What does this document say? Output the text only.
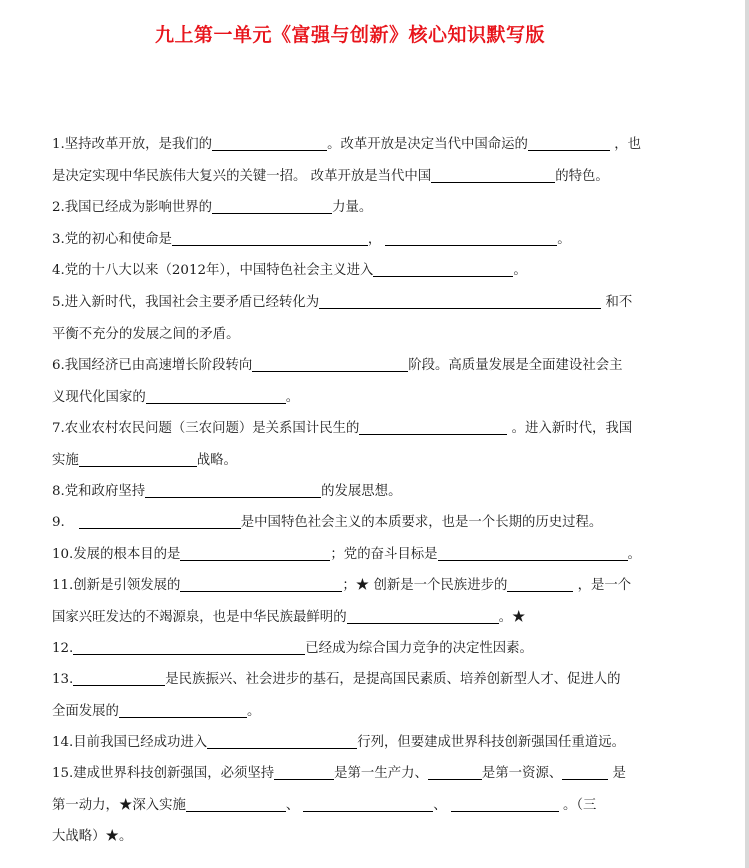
九上第一单元《富强与创新》核心知识默写版
1.坚持改革开放，是我们的	。改革开放是决定当代中国命运的	，也
是决定实现中华民族伟大复兴的关键一招。 改革开放是当代中国	的特色。
2.我国已经成为影响世界的	力量。
3.党的初心和使命是	，	。
4.党的十八大以来（2012年），中国特色社会主义进入	。
5.进入新时代，我国社会主要矛盾已经转化为	和不
平衡不充分的发展之间的矛盾。
6.我国经济已由高速增长阶段转向	阶段。高质量发展是全面建设社会主
义现代化国家的	。
7.农业农村农民问题（三农问题）是关系国计民生的	。进入新时代，我国
实施	战略。
8.党和政府坚持	的发展思想。
9.	是中国特色社会主义的本质要求，也是一个长期的历史过程。
10.发展的根本目的是	；党的奋斗目标是	。
11.创新是引领发展的	；★ 创新是一个民族进步的	，是一个
国家兴旺发达的不竭源泉，也是中华民族最鲜明的	。★
12.	已经成为综合国力竞争的决定性因素。
13.	是民族振兴、社会进步的基石，是提高国民素质、培养创新型人才、促进人的
全面发展的	。
14.目前我国已经成功进入	行列，但要建成世界科技创新强国任重道远。
15.建成世界科技创新强国，必须坚持	是第一生产力、	是第一资源、	是
第一动力，★深入实施	、	、	。（三
大战略）★。
